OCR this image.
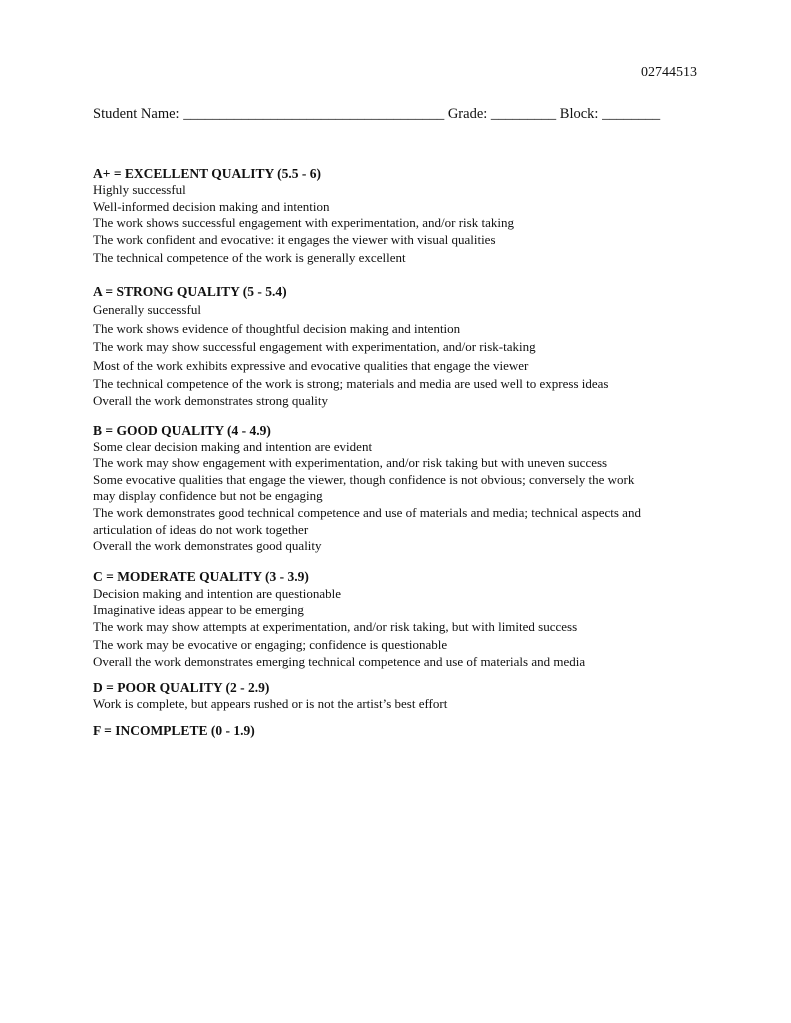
02744513
Student Name: ____________________________________ Grade: _________ Block: ________

A+ = EXCELLENT QUALITY (5.5 - 6)

Highly successful

Well-informed decision making and intention

The work shows successful engagement with experimentation, and/or risk taking

The work confident and evocative: it engages the viewer with visual qualities

The technical competence of the work is generally excellent

A = STRONG QUALITY (5 - 5.4)

Generally successful

The work shows evidence of thoughtful decision making and intention

The work may show successful engagement with experimentation, and/or risk-taking

Most of the work exhibits expressive and evocative qualities that engage the viewer

The technical competence of the work is strong; materials and media are used well to express ideas

Overall the work demonstrates strong quality

B = GOOD QUALITY (4 - 4.9)

Some clear decision making and intention are evident

The work may show engagement with experimentation, and/or risk taking but with uneven success

Some evocative qualities that engage the viewer, though confidence is not obvious; conversely the work

may display confidence but not be engaging

The work demonstrates good technical competence and use of materials and media; technical aspects and

articulation of ideas do not work together

Overall the work demonstrates good quality

C = MODERATE QUALITY (3 - 3.9)

Decision making and intention are questionable

Imaginative ideas appear to be emerging

The work may show attempts at experimentation, and/or risk taking, but with limited success

The work may be evocative or engaging; confidence is questionable

Overall the work demonstrates emerging technical competence and use of materials and media

D = POOR QUALITY (2 - 2.9)

Work is complete, but appears rushed or is not the artist’s best effort

F = INCOMPLETE (0 - 1.9)
